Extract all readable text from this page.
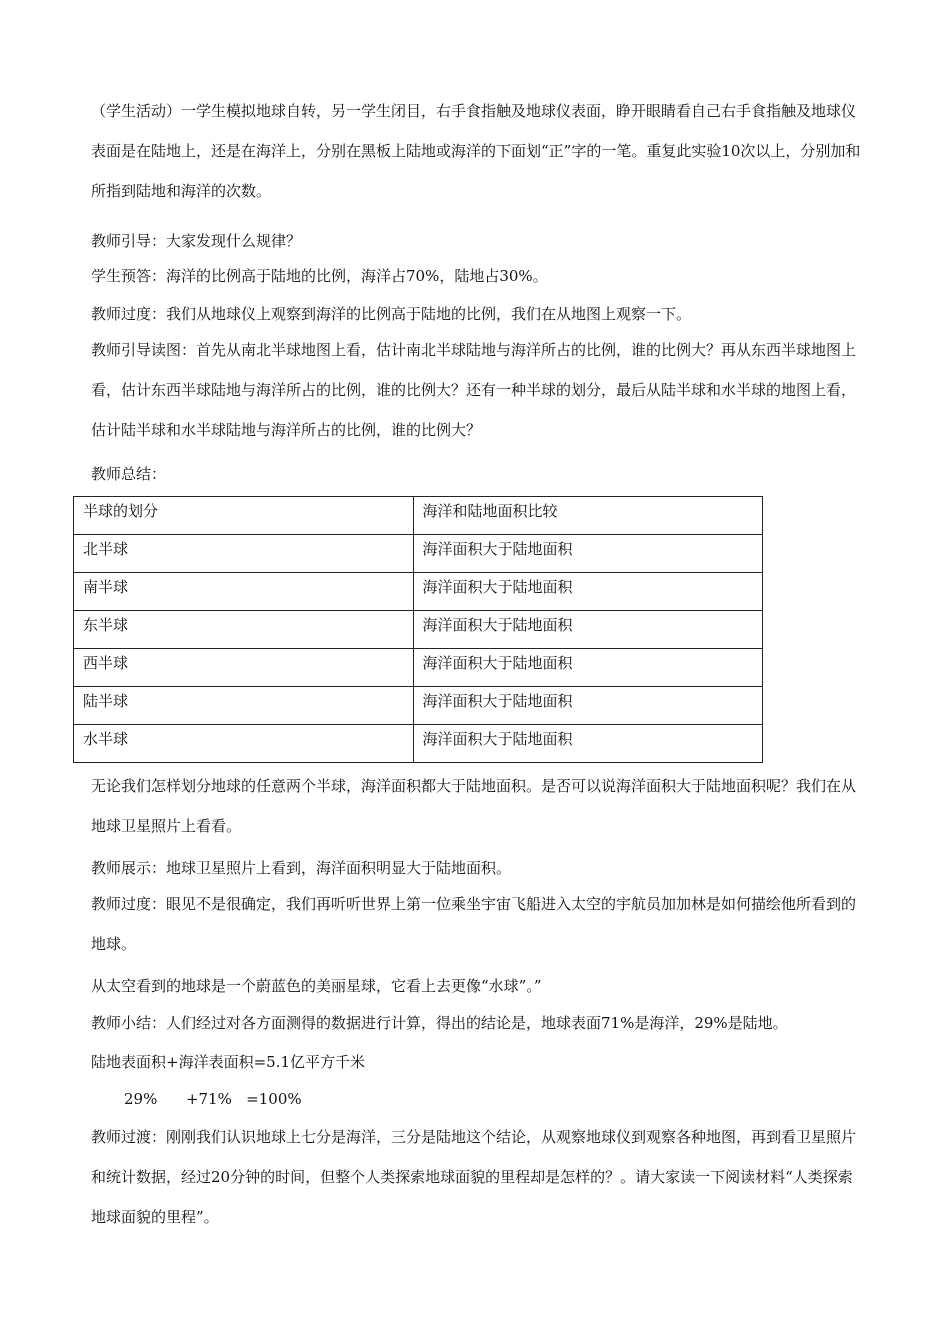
（学生活动）一学生模拟地球自转，另一学生闭目，右手食指触及地球仪表面，睁开眼睛看自己右手食指触及地球仪表面是在陆地上，还是在海洋上，分别在黑板上陆地或海洋的下面划“正”字的一笔。重复此实验10次以上，分别加和所指到陆地和海洋的次数。
教师引导：大家发现什么规律？
学生预答：海洋的比例高于陆地的比例，海洋占70%，陆地占30%。
教师过度：我们从地球仪上观察到海洋的比例高于陆地的比例，我们在从地图上观察一下。
教师引导读图：首先从南北半球地图上看，估计南北半球陆地与海洋所占的比例，谁的比例大？再从东西半球地图上看，估计东西半球陆地与海洋所占的比例，谁的比例大？还有一种半球的划分，最后从陆半球和水半球的地图上看，估计陆半球和水半球陆地与海洋所占的比例，谁的比例大？
教师总结：
半球的划分	海洋和陆地面积比较
北半球	海洋面积大于陆地面积
南半球	海洋面积大于陆地面积
东半球	海洋面积大于陆地面积
西半球	海洋面积大于陆地面积
陆半球	海洋面积大于陆地面积
水半球	海洋面积大于陆地面积
无论我们怎样划分地球的任意两个半球，海洋面积都大于陆地面积。是否可以说海洋面积大于陆地面积呢？我们在从地球卫星照片上看看。
教师展示：地球卫星照片上看到，海洋面积明显大于陆地面积。
教师过度：眼见不是很确定，我们再听听世界上第一位乘坐宇宙飞船进入太空的宇航员加加林是如何描绘他所看到的地球。
从太空看到的地球是一个蔚蓝色的美丽星球，它看上去更像“水球”。”
教师小结：人们经过对各方面测得的数据进行计算，得出的结论是，地球表面71%是海洋，29%是陆地。
陆地表面积+海洋表面积=5.1亿平方千米
29%      +71%   =100%
教师过渡：刚刚我们认识地球上七分是海洋，三分是陆地这个结论，从观察地球仪到观察各种地图，再到看卫星照片和统计数据，经过20分钟的时间，但整个人类探索地球面貌的里程却是怎样的？。请大家读一下阅读材料“人类探索地球面貌的里程”。
